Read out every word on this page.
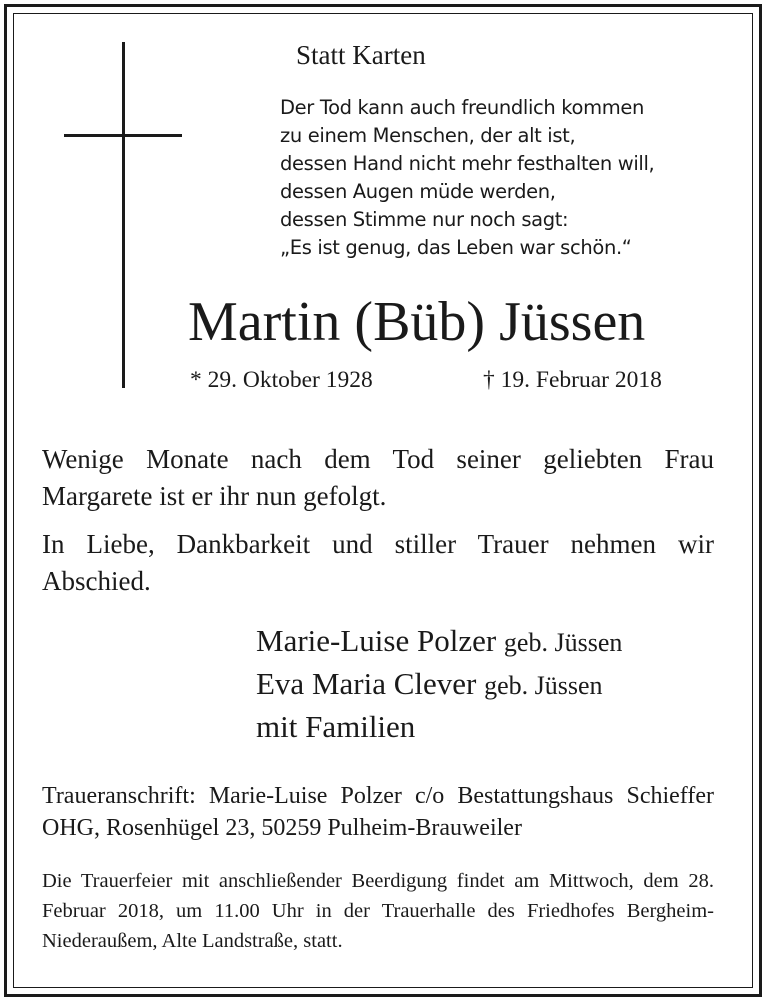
Statt Karten
Der Tod kann auch freundlich kommen
zu einem Menschen, der alt ist,
dessen Hand nicht mehr festhalten will,
dessen Augen müde werden,
dessen Stimme nur noch sagt:
„Es ist genug, das Leben war schön.“
Martin (Büb) Jüssen
* 29. Oktober 1928	† 19. Februar 2018

Wenige Monate nach dem Tod seiner geliebten Frau Margarete ist er ihr nun gefolgt.

In Liebe, Dankbarkeit und stiller Trauer nehmen wir Abschied.

Marie-Luise Polzer geb. Jüssen
Eva Maria Clever geb. Jüssen
mit Familien

Traueranschrift: Marie-Luise Polzer c/o Bestattungshaus Schieffer OHG, Rosenhügel 23, 50259 Pulheim-Brauweiler

Die Trauerfeier mit anschließender Beerdigung findet am Mittwoch, dem 28. Februar 2018, um 11.00 Uhr in der Trauerhalle des Friedhofes Bergheim-Niederaußem, Alte Landstraße, statt.
